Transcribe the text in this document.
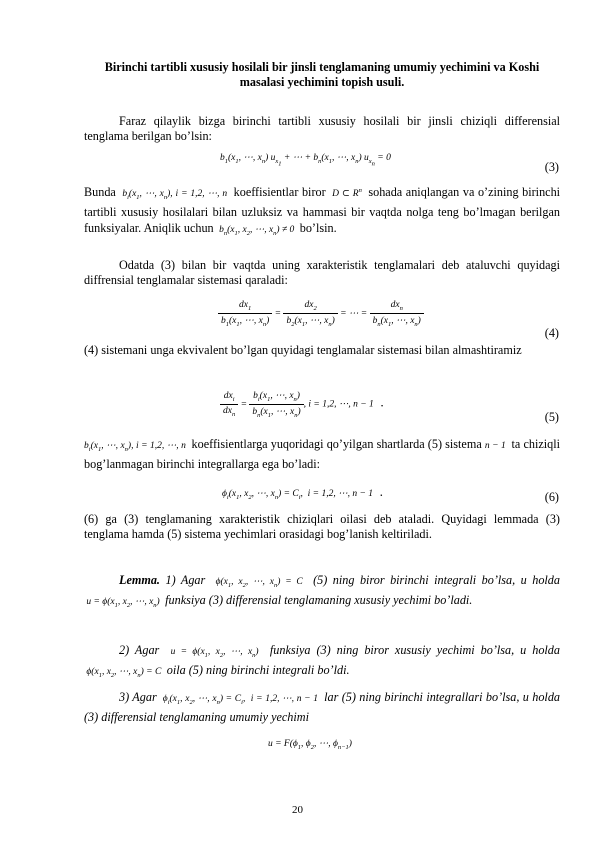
Birinchi tartibli xususiy hosilali bir jinsli tenglamaning umumiy yechimini va Koshi masalasi yechimini topish usuli.
Faraz qilaylik bizga birinchi tartibli xususiy hosilali bir jinsli chiziqli differensial tenglama berilgan bo’lsin:
$b_1(x_1$, ⋯, $x_n$) $u_{x_1}$ + ⋯ + $b_n(x_1$, ⋯, $x_n$) $u_{x_n} = 0$
(3)
Bunda  $b_i(x_1$, ⋯, $x_n$), i = 1,2, ⋯, n  koeffisientlar biror  D ⊂ $R^n$ sohada aniqlangan va o’zining birinchi tartibli xususiy hosilalari bilan uzluksiz va hammasi bir vaqtda nolga teng bo’lmagan berilgan funksiyalar. Aniqlik uchun  $b_n(x_1$, $x_2$, ⋯, $x_n) \ne 0$  bo’lsin.
Odatda (3) bilan bir vaqtda uning xarakteristik tenglamalari deb ataluvchi quyidagi diffrensial tenglamalar sistemasi qaraladi:
$\frac{dx_1}{b_1(x_1, \cdots, x_n)} = \frac{dx_2}{b_2(x_1, \cdots, x_n)}$ = ⋯ = $\frac{dx_n}{b_n(x_1, \cdots, x_n)}$
(4)
(4) sistemani unga ekvivalent bo’lgan quyidagi tenglamalar sistemasi bilan almashtiramiz
$\frac{dx_i}{dx_n} = \frac{b_i(x_1, \cdots, x_n)}{b_n(x_1, \cdots, x_n)}$ , i = 1,2, ⋯, n − 1   .
(5)
$b_i(x_1$, ⋯, $x_n$), i = 1,2, ⋯, n  koeffisientlarga yuqoridagi qo’yilgan shartlarda (5) sistema n − 1  ta chiziqli bog’lanmagan birinchi integrallarga ega bo’ladi:
$\phi_i(x_1$, $x_2$, ⋯, $x_n) = C_i$,  i = 1,2, ⋯, n − 1   .	(6)
(6) ga (3) tenglamaning xarakteristik chiziqlari oilasi deb ataladi. Quyidagi lemmada (3) tenglama hamda (5) sistema yechimlari orasidagi bog’lanish keltiriladi.
Lemma. 1) Agar  $\phi(x_1$, $x_2$, ⋯, $x_n) = C$  (5) ning biror birinchi integrali bo’lsa, u holda  $u = \phi(x_1$, $x_2$, ⋯, $x_n$)  funksiya (3) differensial tenglamaning xususiy yechimi bo’ladi.
2) Agar  $u = \phi(x_1$, $x_2$, ⋯, $x_n$)  funksiya (3) ning biror xususiy yechimi bo’lsa, u holda  $\phi(x_1$, $x_2$, ⋯, $x_n) = C$  oila (5) ning birinchi integrali bo’ldi.
3) Agar  $\phi_i(x_1$, $x_2$, ⋯, $x_n) = C_i$,  i = 1,2, ⋯, n − 1  lar (5) ning birinchi integrallari bo’lsa, u holda (3) differensial tenglamaning umumiy yechimi
$u = F(\phi_1$, $\phi_2$, ⋯, $\phi_{n-1}$)
20
